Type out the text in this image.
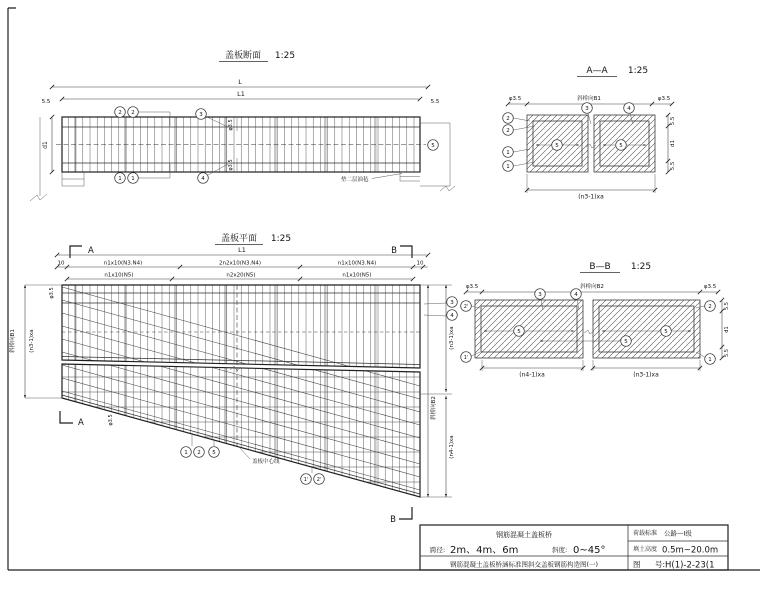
盖板断面 1:25
L
L1
5.5	5.5
d1
φ3.5
φ3.5
垫二层油毡
2 2	3
1 1	4
5
A—A 1:25
φ3.5	斜桥向B1	φ3.5
5	5
3	4
2
2
1
1
(n3-1)xa
5.5
d1
5.5
盖板平面 1:25
A	B
A
B
L1
10	n1x10(N3.N4)	2n2x10(N3.N4)	n1x10(N3.N4)	10
n1x10(N5)	n2x20(N5)	n1x10(N5)
斜桥向B1 (n3-1)xa
φ3.5
φ3.5
斜桥向B2
(n3-1)xa
(n4-1)xa
3
4
1 2 5
盖板中心线
1' 2'
B—B 1:25
φ3.5	斜桥向B2	φ3.5
5	5
5
3	4
2'
1'
2
1
(n4-1)xa	(n3-1)xa
5.5
d1
5.5
钢筋混凝土盖板桥
跨径: 2m、4m、6m	斜度: 0~45°
钢筋混凝土盖板桥涵标准图斜交盖板钢筋构造图(一)
荷载标准 公路—Ⅰ级
填土高度 0.5m~20.0m
图 号: H(1)-2-23(1
